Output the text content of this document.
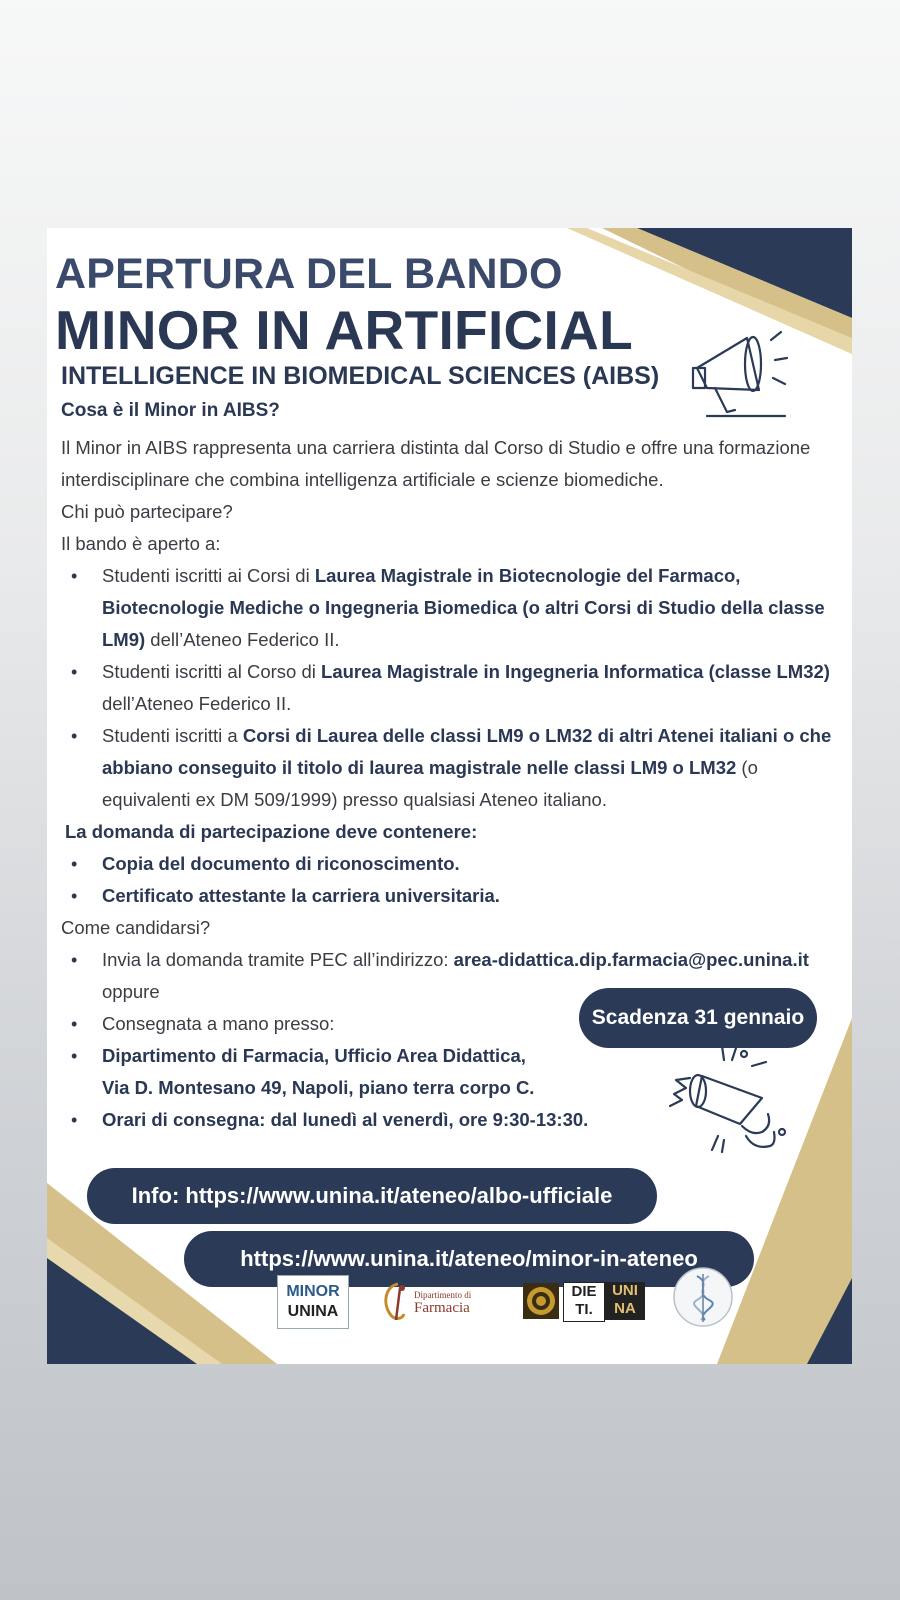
APERTURA DEL BANDO
MINOR IN ARTIFICIAL
INTELLIGENCE IN BIOMEDICAL SCIENCES (AIBS)
Cosa è il Minor in AIBS?

Il Minor in AIBS rappresenta una carriera distinta dal Corso di Studio e offre una formazione interdisciplinare che combina intelligenza artificiale e scienze biomediche.

Chi può partecipare?

Il bando è aperto a:

• Studenti iscritti ai Corsi di Laurea Magistrale in Biotecnologie del Farmaco, Biotecnologie Mediche o Ingegneria Biomedica (o altri Corsi di Studio della classe LM9) dell’Ateneo Federico II.
• Studenti iscritti al Corso di Laurea Magistrale in Ingegneria Informatica (classe LM32) dell’Ateneo Federico II.
• Studenti iscritti a Corsi di Laurea delle classi LM9 o LM32 di altri Atenei italiani o che abbiano conseguito il titolo di laurea magistrale nelle classi LM9 o LM32 (o equivalenti ex DM 509/1999) presso qualsiasi Ateneo italiano.

La domanda di partecipazione deve contenere:

• Copia del documento di riconoscimento.
• Certificato attestante la carriera universitaria.

Come candidarsi?

• Invia la domanda tramite PEC all’indirizzo: area-didattica.dip.farmacia@pec.unina.it
oppure
• Consegnata a mano presso:
• Dipartimento di Farmacia, Ufficio Area Didattica,
Via D. Montesano 49, Napoli, piano terra corpo C.
• Orari di consegna: dal lunedì al venerdì, ore 9:30-13:30.
Scadenza 31 gennaio
Info: https://www.unina.it/ateneo/albo-ufficiale
https://www.unina.it/ateneo/minor-in-ateneo
MINOR
UNINA
Dipartimento di
Farmacia
DIE
TI.
UNI
NA
